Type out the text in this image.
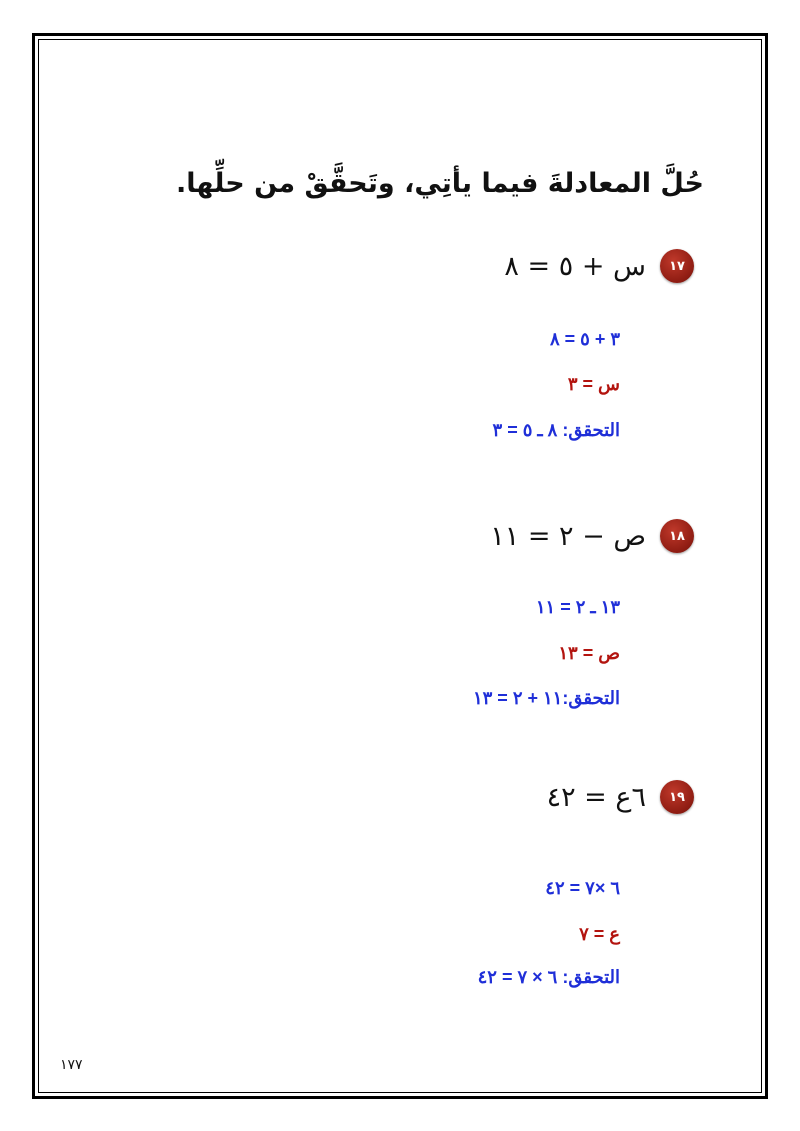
حُلَّ المعادلةَ فيما يأتِي، وتَحقَّقْ من حلِّها.
١٧
س + ٥ = ٨
٣ + ٥ = ٨
س = ٣
التحقق: ٨ ـ ٥ = ٣
١٨
ص − ٢ = ١١
١٣ ـ ٢ = ١١
ص = ١٣
التحقق:١١ + ٢ = ١٣
١٩
٦ع = ٤٢
٦ ×٧ = ٤٢
ع = ٧
التحقق: ٦ × ٧ = ٤٢
١٧٧
